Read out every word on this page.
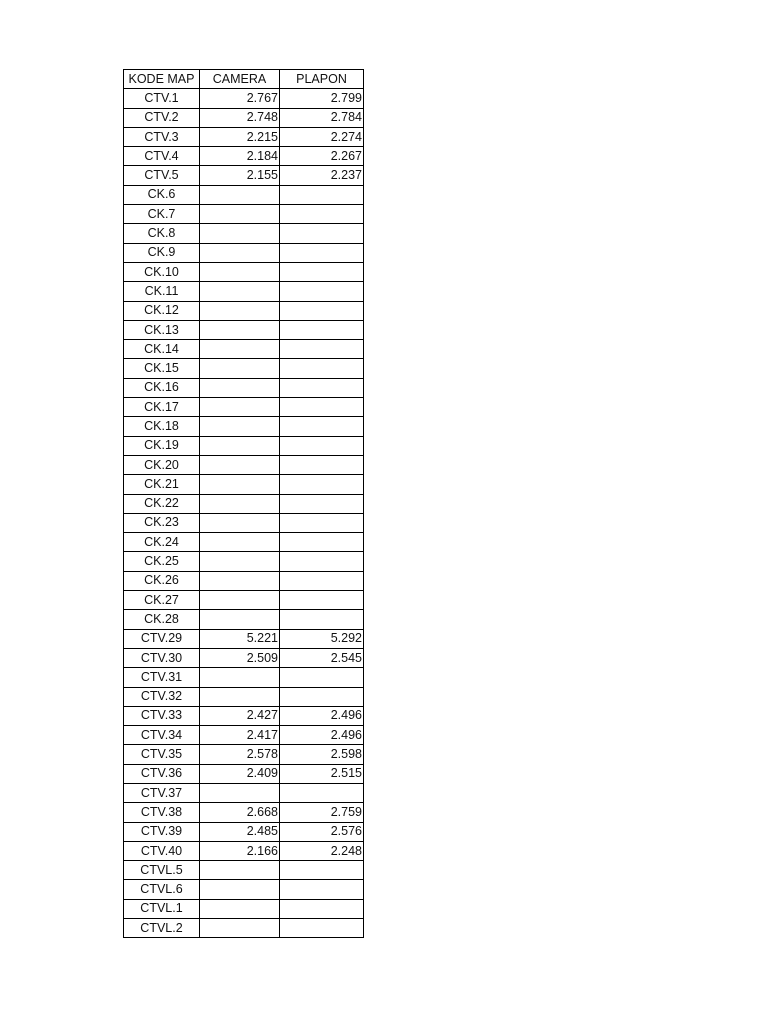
KODE MAP	CAMERA	PLAPON
CTV.1	2.767	2.799
CTV.2	2.748	2.784
CTV.3	2.215	2.274
CTV.4	2.184	2.267
CTV.5	2.155	2.237
CK.6		
CK.7		
CK.8		
CK.9		
CK.10		
CK.11		
CK.12		
CK.13		
CK.14		
CK.15		
CK.16		
CK.17		
CK.18		
CK.19		
CK.20		
CK.21		
CK.22		
CK.23		
CK.24		
CK.25		
CK.26		
CK.27		
CK.28		
CTV.29	5.221	5.292
CTV.30	2.509	2.545
CTV.31		
CTV.32		
CTV.33	2.427	2.496
CTV.34	2.417	2.496
CTV.35	2.578	2.598
CTV.36	2.409	2.515
CTV.37		
CTV.38	2.668	2.759
CTV.39	2.485	2.576
CTV.40	2.166	2.248
CTVL.5		
CTVL.6		
CTVL.1		
CTVL.2		
